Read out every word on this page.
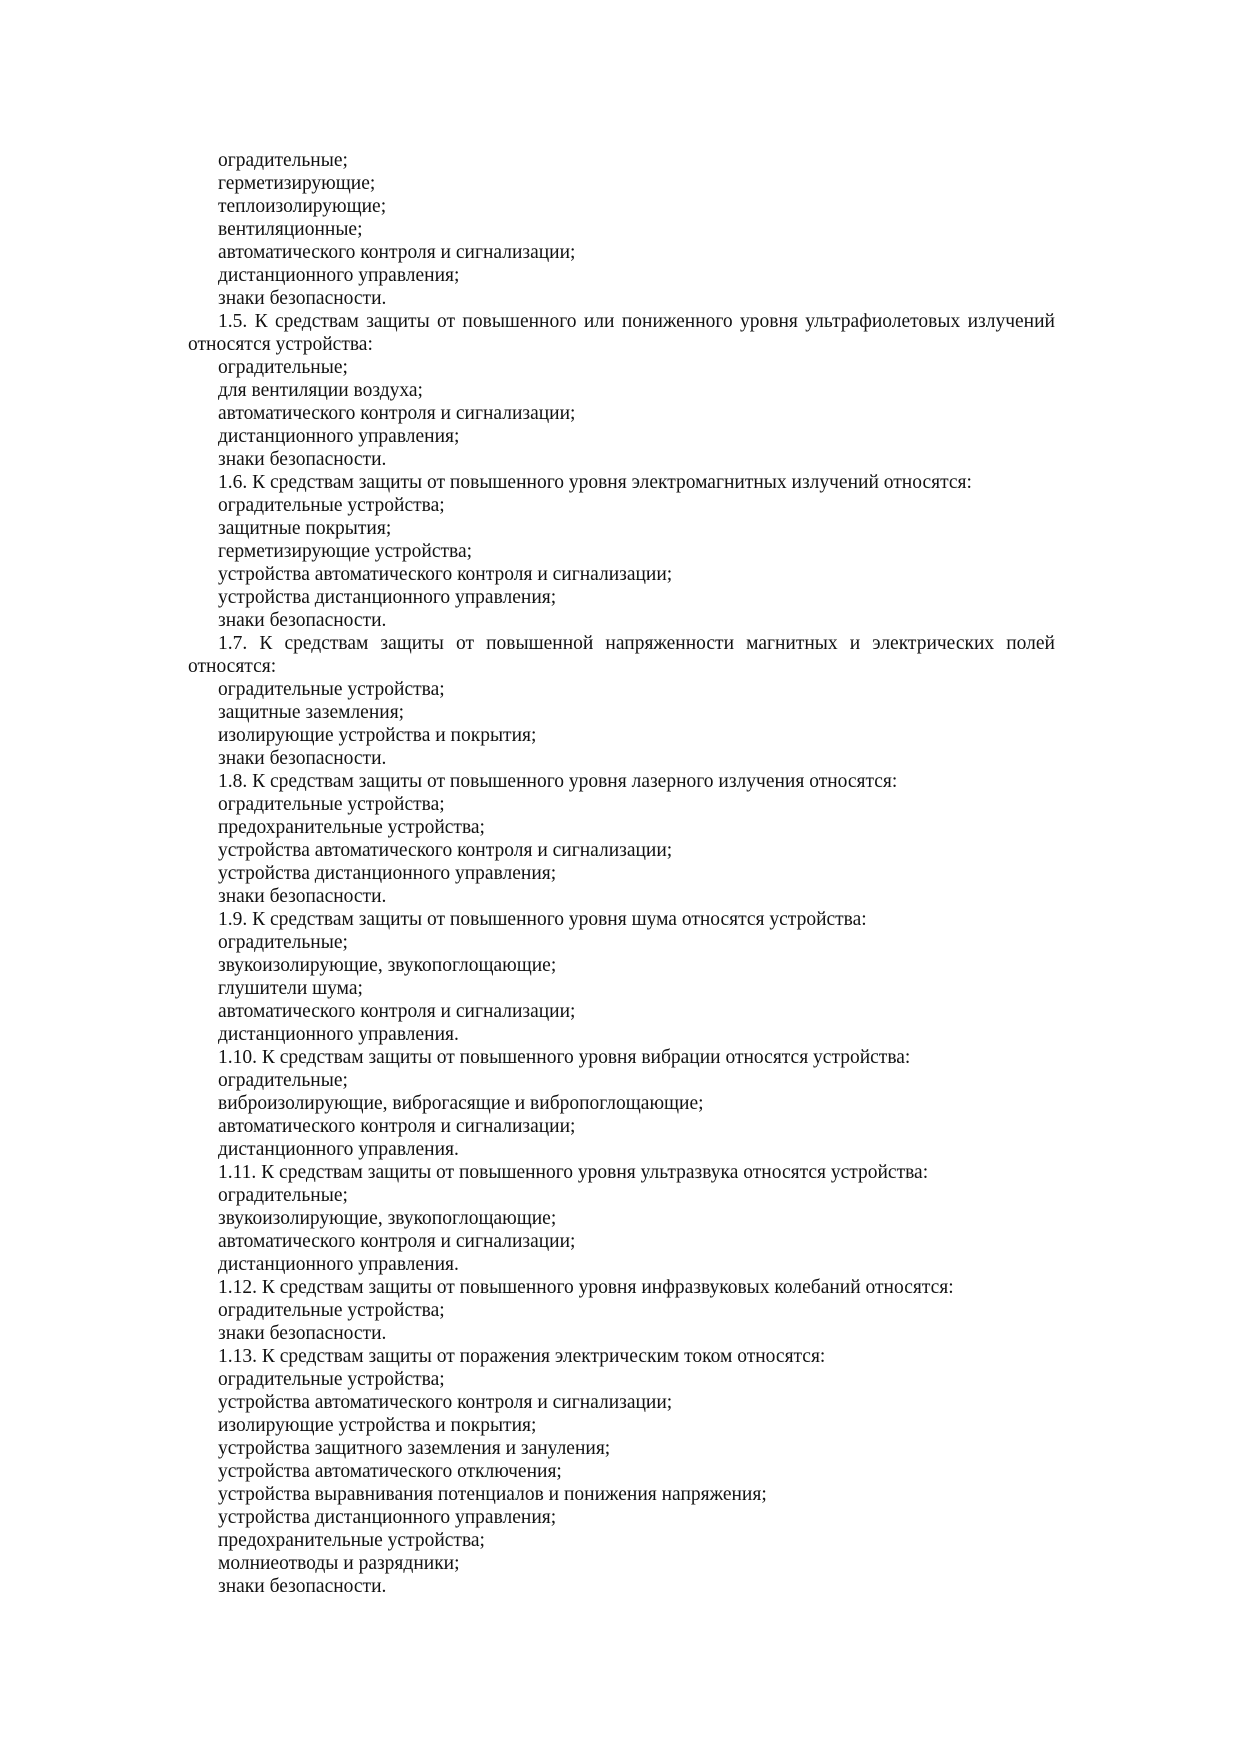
оградительные;
герметизирующие;
теплоизолирующие;
вентиляционные;
автоматического контроля и сигнализации;
дистанционного управления;
знаки безопасности.
1.5. К средствам защиты от повышенного или пониженного уровня ультрафиолетовых излучений относятся устройства:
оградительные;
для вентиляции воздуха;
автоматического контроля и сигнализации;
дистанционного управления;
знаки безопасности.
1.6. К средствам защиты от повышенного уровня электромагнитных излучений относятся:
оградительные устройства;
защитные покрытия;
герметизирующие устройства;
устройства автоматического контроля и сигнализации;
устройства дистанционного управления;
знаки безопасности.
1.7. К средствам защиты от повышенной напряженности магнитных и электрических полей относятся:
оградительные устройства;
защитные заземления;
изолирующие устройства и покрытия;
знаки безопасности.
1.8. К средствам защиты от повышенного уровня лазерного излучения относятся:
оградительные устройства;
предохранительные устройства;
устройства автоматического контроля и сигнализации;
устройства дистанционного управления;
знаки безопасности.
1.9. К средствам защиты от повышенного уровня шума относятся устройства:
оградительные;
звукоизолирующие, звукопоглощающие;
глушители шума;
автоматического контроля и сигнализации;
дистанционного управления.
1.10. К средствам защиты от повышенного уровня вибрации относятся устройства:
оградительные;
виброизолирующие, виброгасящие и вибропоглощающие;
автоматического контроля и сигнализации;
дистанционного управления.
1.11. К средствам защиты от повышенного уровня ультразвука относятся устройства:
оградительные;
звукоизолирующие, звукопоглощающие;
автоматического контроля и сигнализации;
дистанционного управления.
1.12. К средствам защиты от повышенного уровня инфразвуковых колебаний относятся:
оградительные устройства;
знаки безопасности.
1.13. К средствам защиты от поражения электрическим током относятся:
оградительные устройства;
устройства автоматического контроля и сигнализации;
изолирующие устройства и покрытия;
устройства защитного заземления и зануления;
устройства автоматического отключения;
устройства выравнивания потенциалов и понижения напряжения;
устройства дистанционного управления;
предохранительные устройства;
молниеотводы и разрядники;
знаки безопасности.
